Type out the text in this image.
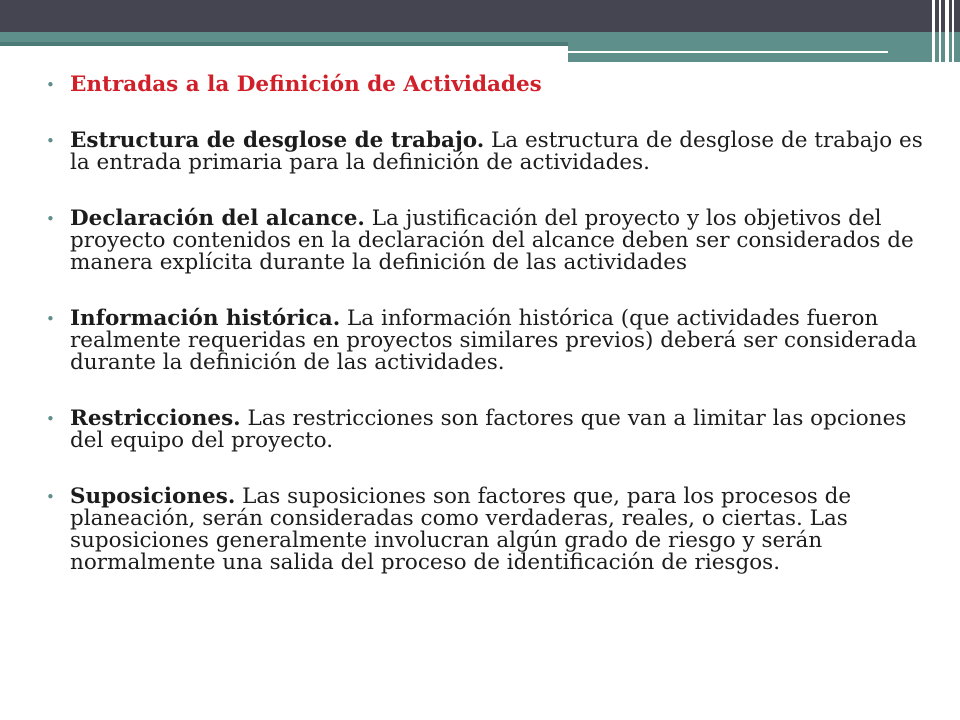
• Entradas a la Definición de Actividades
• Estructura de desglose de trabajo. La estructura de desglose de trabajo es la entrada primaria para la definición de actividades.
• Declaración del alcance. La justificación del proyecto y los objetivos del proyecto contenidos en la declaración del alcance deben ser considerados de manera explícita durante la definición de las actividades
• Información histórica. La información histórica (que actividades fueron realmente requeridas en proyectos similares previos) deberá ser considerada durante la definición de las actividades.
• Restricciones. Las restricciones son factores que van a limitar las opciones del equipo del proyecto.
• Suposiciones. Las suposiciones son factores que, para los procesos de planeación, serán consideradas como verdaderas, reales, o ciertas. Las suposiciones generalmente involucran algún grado de riesgo y serán normalmente una salida del proceso de identificación de riesgos.
